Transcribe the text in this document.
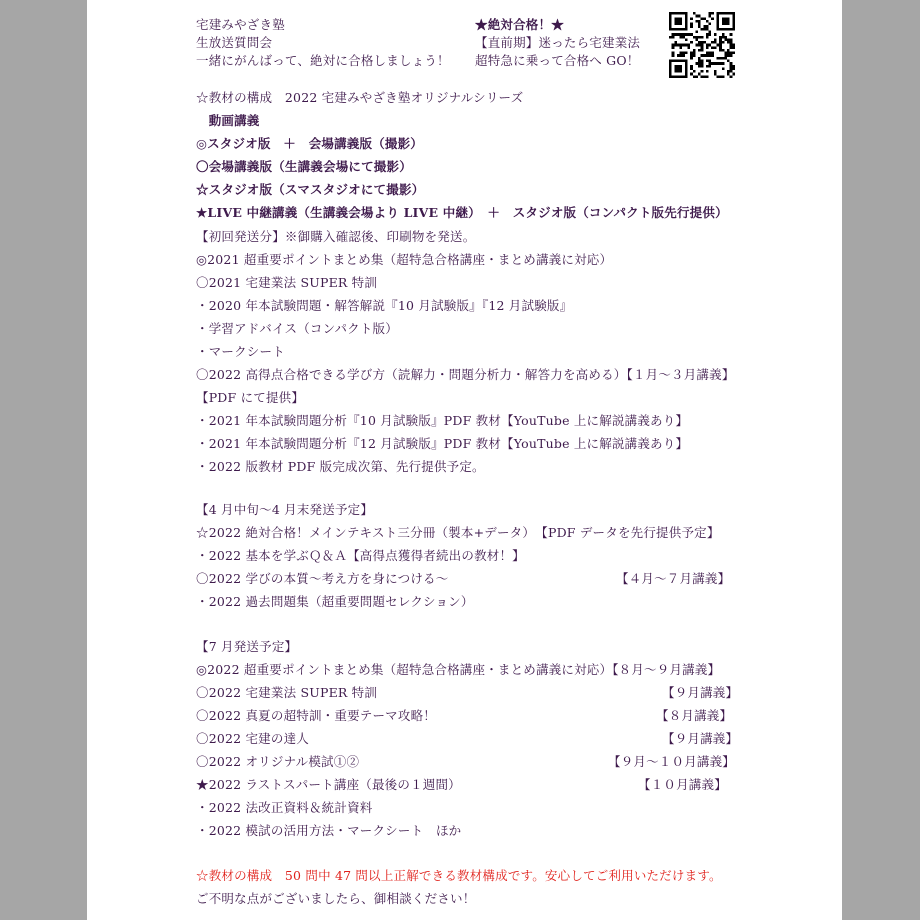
宅建みやざき塾
生放送質問会
一緒にがんばって、絶対に合格しましょう！
★絶対合格！★
【直前期】迷ったら宅建業法
超特急に乗って合格へ GO！
☆教材の構成　2022 宅建みやざき塾オリジナルシリーズ
　動画講義
◎スタジオ版　＋　会場講義版（撮影）
〇会場講義版（生講義会場にて撮影）
☆スタジオ版（スマスタジオにて撮影）
★LIVE 中継講義（生講義会場より LIVE 中継）　＋　スタジオ版（コンパクト版先行提供）
【初回発送分】※御購入確認後、印刷物を発送。
◎2021 超重要ポイントまとめ集（超特急合格講座・まとめ講義に対応）
〇2021 宅建業法 SUPER 特訓
・2020 年本試験問題・解答解説『10 月試験版』『12 月試験版』
・学習アドバイス（コンパクト版）
・マークシート
〇2022 高得点合格できる学び方（読解力・問題分析力・解答力を高める）【１月～３月講義】
【PDF にて提供】
・2021 年本試験問題分析『10 月試験版』PDF 教材【YouTube 上に解説講義あり】
・2021 年本試験問題分析『12 月試験版』PDF 教材【YouTube 上に解説講義あり】
・2022 版教材 PDF 版完成次第、先行提供予定。
【4 月中旬～4 月末発送予定】
☆2022 絶対合格！メインテキスト三分冊（製本+データ）　【PDF データを先行提供予定】
・2022 基本を学ぶＱ＆Ａ【高得点獲得者続出の教材！】
〇2022 学びの本質～考え方を身につける～	【４月～７月講義】
・2022 過去問題集（超重要問題セレクション）
【7 月発送予定】
◎2022 超重要ポイントまとめ集（超特急合格講座・まとめ講義に対応）【８月～９月講義】
〇2022 宅建業法 SUPER 特訓	【９月講義】
〇2022 真夏の超特訓・重要テーマ攻略！	【８月講義】
〇2022 宅建の達人	【９月講義】
〇2022 オリジナル模試①②	【９月～１０月講義】
★2022 ラストスパート講座（最後の１週間）	【１０月講義】
・2022 法改正資料＆統計資料
・2022 模試の活用方法・マークシート　ほか
☆教材の構成　50 問中 47 問以上正解できる教材構成です。安心してご利用いただけます。
ご不明な点がございましたら、御相談ください！
